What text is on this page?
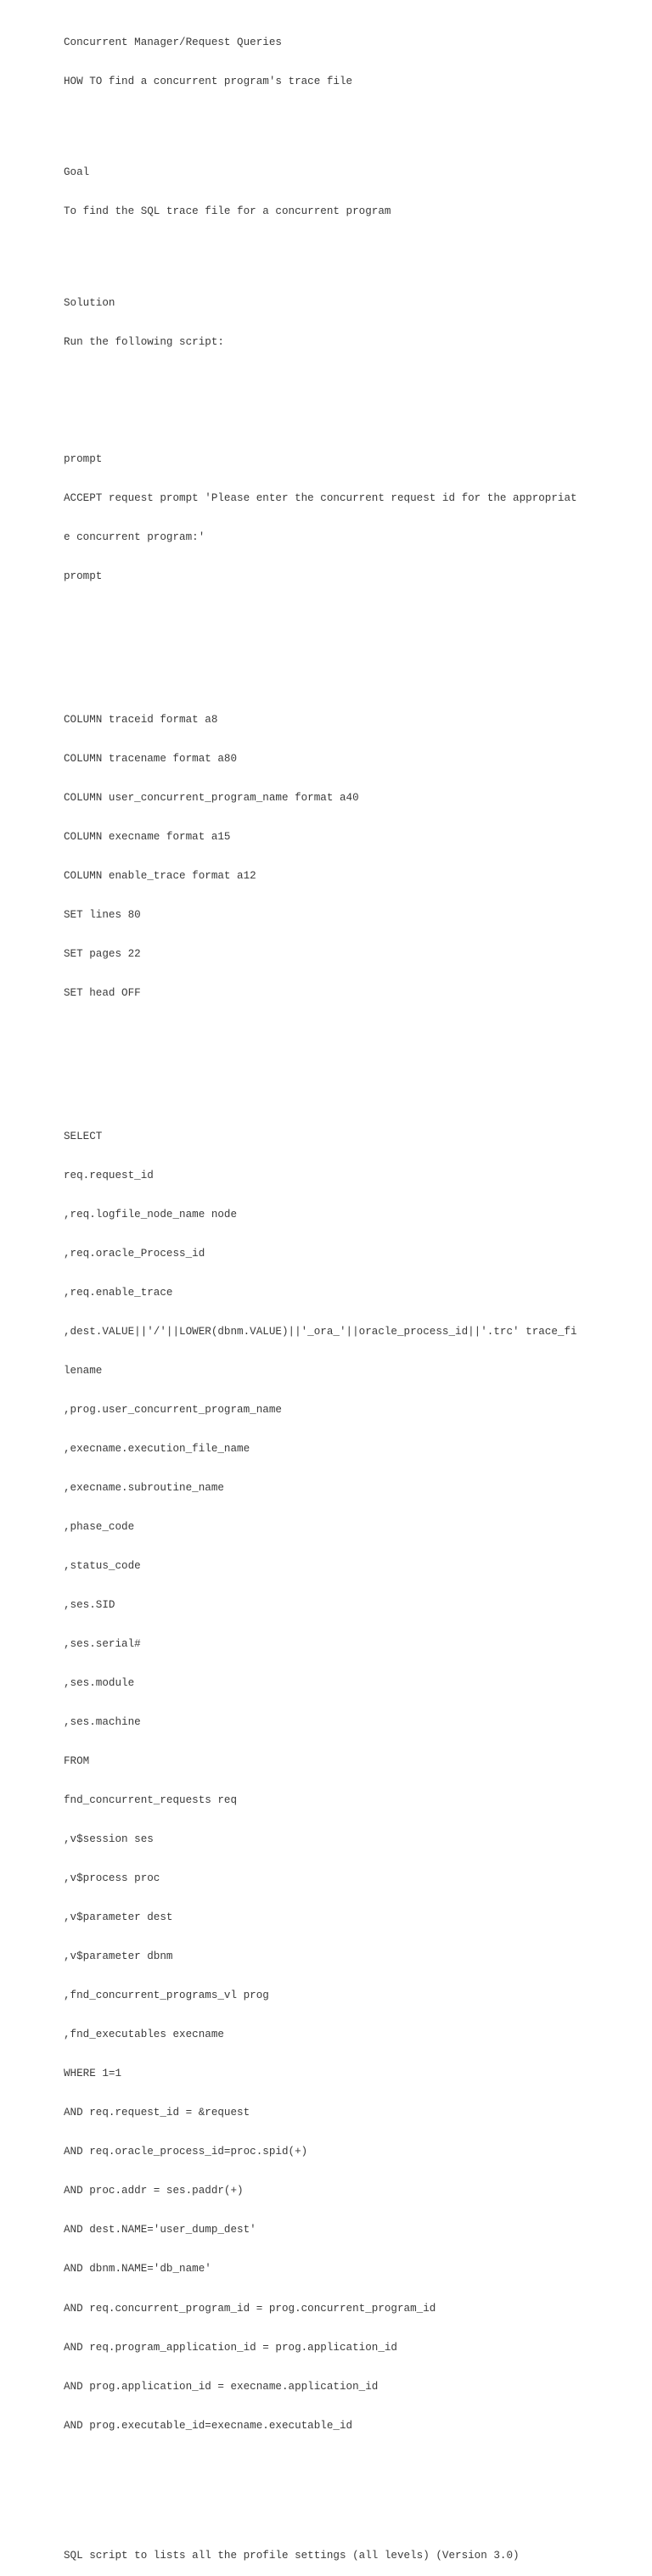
Concurrent Manager/Request Queries

HOW TO find a concurrent program's trace file

Goal

To find the SQL trace file for a concurrent program

Solution

Run the following script:

prompt

ACCEPT request prompt 'Please enter the concurrent request id for the appropriat

e concurrent program:'

prompt

COLUMN traceid format a8

COLUMN tracename format a80

COLUMN user_concurrent_program_name format a40

COLUMN execname format a15

COLUMN enable_trace format a12

SET lines 80

SET pages 22

SET head OFF

SELECT

req.request_id

,req.logfile_node_name node

,req.oracle_Process_id

,req.enable_trace

,dest.VALUE||'/'||LOWER(dbnm.VALUE)||'_ora_'||oracle_process_id||'.trc' trace_fi

lename

,prog.user_concurrent_program_name

,execname.execution_file_name

,execname.subroutine_name

,phase_code

,status_code

,ses.SID

,ses.serial#

,ses.module

,ses.machine

FROM

fnd_concurrent_requests req

,v$session ses

,v$process proc

,v$parameter dest

,v$parameter dbnm

,fnd_concurrent_programs_vl prog

,fnd_executables execname

WHERE 1=1

AND req.request_id = &request

AND req.oracle_process_id=proc.spid(+)

AND proc.addr = ses.paddr(+)

AND dest.NAME='user_dump_dest'

AND dbnm.NAME='db_name'

AND req.concurrent_program_id = prog.concurrent_program_id

AND req.program_application_id = prog.application_id

AND prog.application_id = execname.application_id

AND prog.executable_id=execname.executable_id

SQL script to lists all the profile settings (all levels) (Version 3.0)
